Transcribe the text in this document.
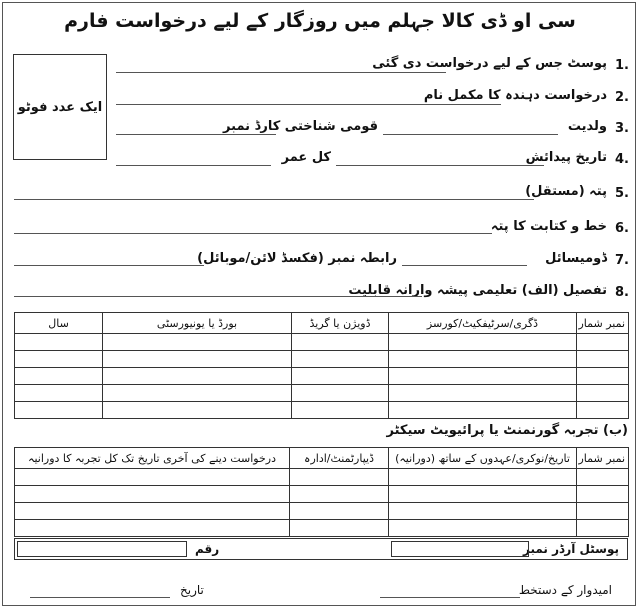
سی او ڈی کالا جہلم میں روزگار کے لیے درخواست فارم
ایک عدد فوٹو
1.
پوسٹ جس کے لیے درخواست دی گئی
2.
درخواست دہندہ کا مکمل نام
3.
ولدیت
قومی شناختی کارڈ نمبر
4.
تاریخ پیدائش
کل عمر
5.
پتہ (مستقل)
6.
خط و کتابت کا پتہ
7.
ڈومیسائل
رابطہ نمبر (فکسڈ لائن/موبائل)
8.
تفصیل (الف) تعلیمی پیشہ وارانہ قابلیت
نمبر شمار	ڈگری/سرٹیفکیٹ/کورسز	ڈویژن یا گریڈ	بورڈ یا یونیورسٹی	سال

(ب) تجربہ گورنمنٹ یا پرائیویٹ سیکٹر
نمبر شمار	تاریخ/نوکری/عہدوں کے ساتھ (دورانیہ)	ڈیپارٹمنٹ/ادارہ	درخواست دینے کی آخری تاریخ تک کل تجربہ کا دورانیہ

پوسٹل آرڈر نمبر
رقم
امیدوار کے دستخط
تاریخ
